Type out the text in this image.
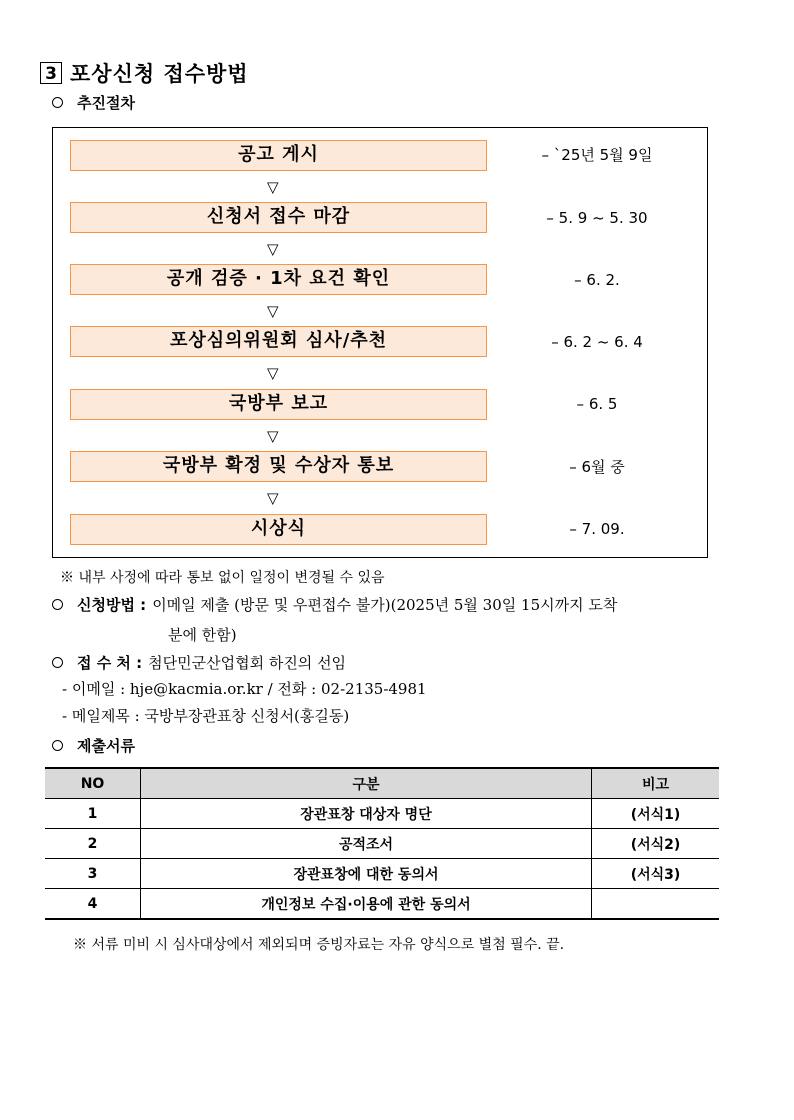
3 포상신청 접수방법
추진절차
공고 게시	– `25년 5월 9일
▽
신청서 접수 마감	– 5. 9 ~ 5. 30
▽
공개 검증 · 1차 요건 확인	– 6. 2.
▽
포상심의위원회 심사/추천	– 6. 2 ~ 6. 4
▽
국방부 보고	– 6. 5
▽
국방부 확정 및 수상자 통보	– 6월 중
▽
시상식	– 7. 09.
※ 내부 사정에 따라 통보 없이 일정이 변경될 수 있음
신청방법 : 이메일 제출 (방문 및 우편접수 불가)(2025년 5월 30일 15시까지 도착
분에 한함)
접 수 처 : 첨단민군산업협회 하진의 선임
- 이메일 : hje@kacmia.or.kr / 전화 : 02-2135-4981
- 메일제목 : 국방부장관표창 신청서(홍길동)
제출서류
NO	구분	비고
1	장관표창 대상자 명단	(서식1)
2	공적조서	(서식2)
3	장관표창에 대한 동의서	(서식3)
4	개인정보 수집·이용에 관한 동의서	
※ 서류 미비 시 심사대상에서 제외되며 증빙자료는 자유 양식으로 별첨 필수. 끝.
